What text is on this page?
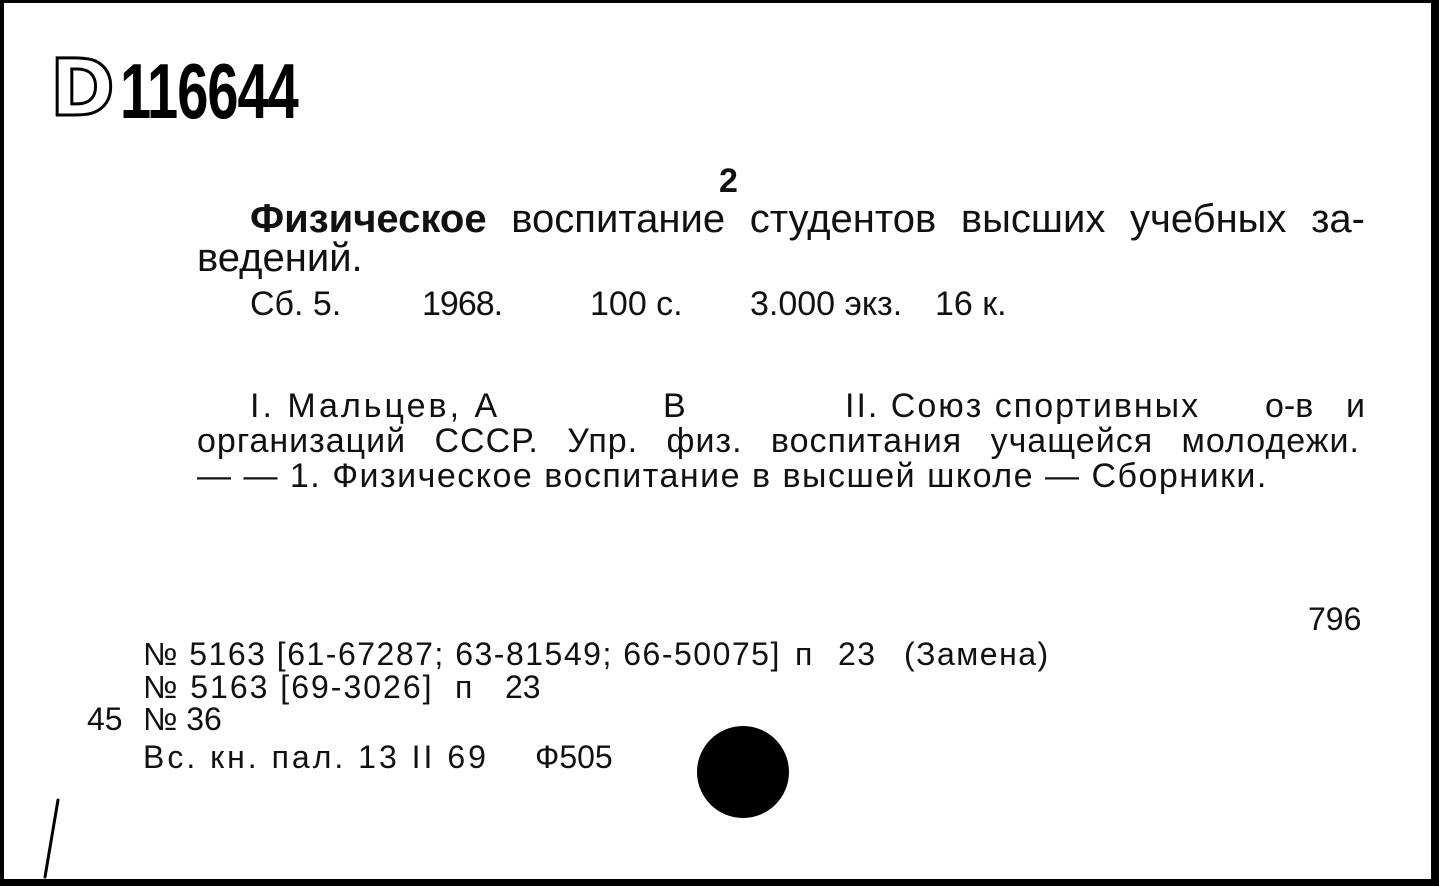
D 116644
2
Физическое воспитание студентов высших учебных за-
ведений.
Сб. 5. 1968.	100 с. 3.000 экз. 16 к.
I. Мальцев, А	В	II. Союз спортивных о-в и
организаций СССР. Упр. физ. воспитания учащейся молодежи.
— — 1. Физическое воспитание в высшей школе — Сборники.
796
№ 5163 [61-67287; 63-81549; 66-50075] п 23 (Замена)
№ 5163 [69-3026] п 23
45 № 36
Вс. кн. пал. 13 II 69 Ф505
